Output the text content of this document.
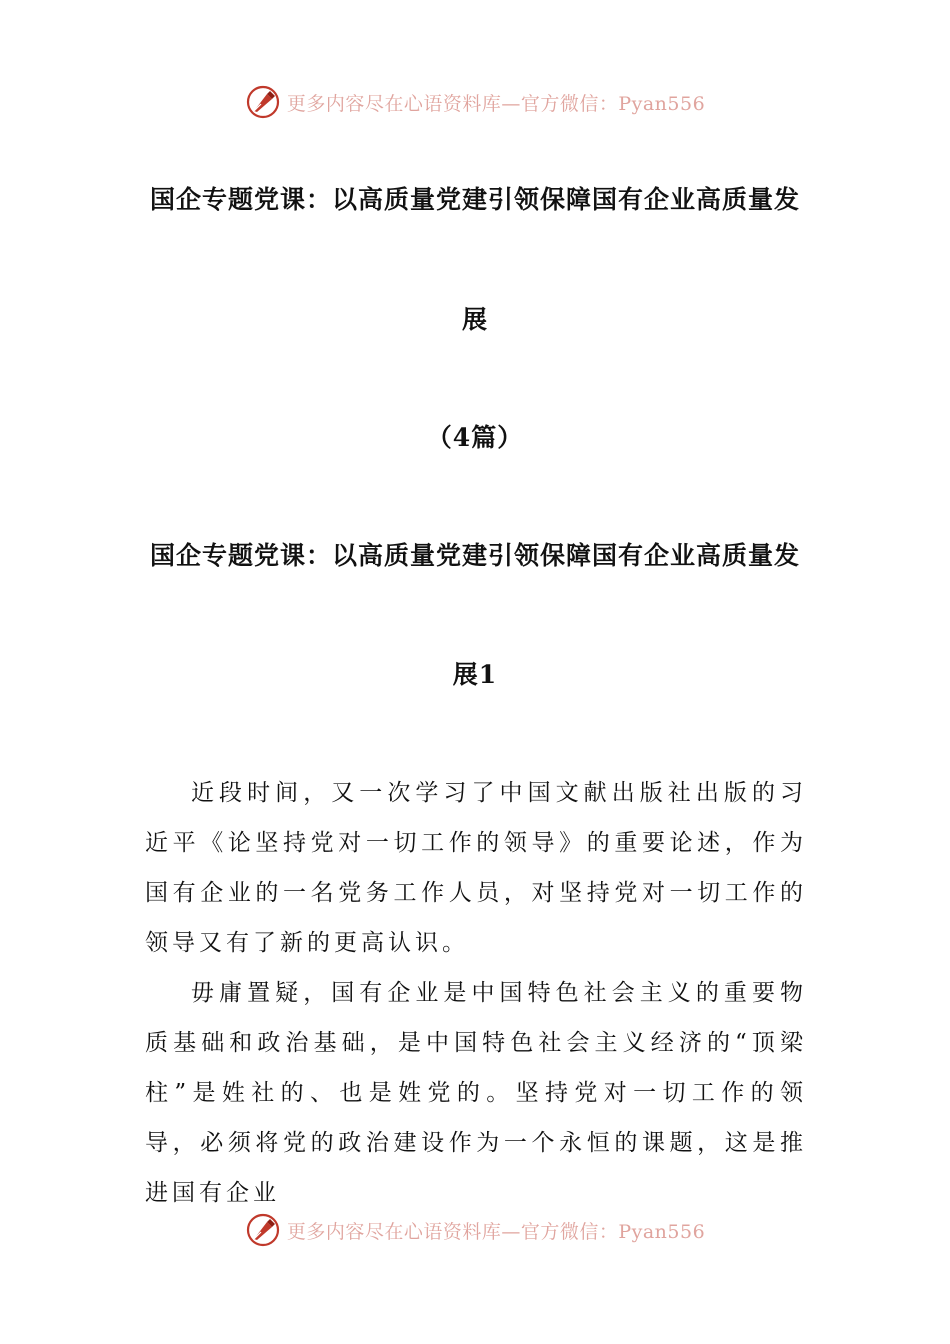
更多内容尽在心语资料库—官方微信：Pyan556
国企专题党课：以高质量党建引领保障国有企业高质量发
展
（4篇）
国企专题党课：以高质量党建引领保障国有企业高质量发
展1

近段时间，又一次学习了中国文献出版社出版的习近平《论坚持党对一切工作的领导》的重要论述，作为国有企业的一名党务工作人员，对坚持党对一切工作的领导又有了新的更高认识。

毋庸置疑，国有企业是中国特色社会主义的重要物质基础和政治基础，是中国特色社会主义经济的“顶梁柱”是姓社的、也是姓党的。坚持党对一切工作的领导，必须将党的政治建设作为一个永恒的课题，这是推进国有企业

更多内容尽在心语资料库—官方微信：Pyan556
